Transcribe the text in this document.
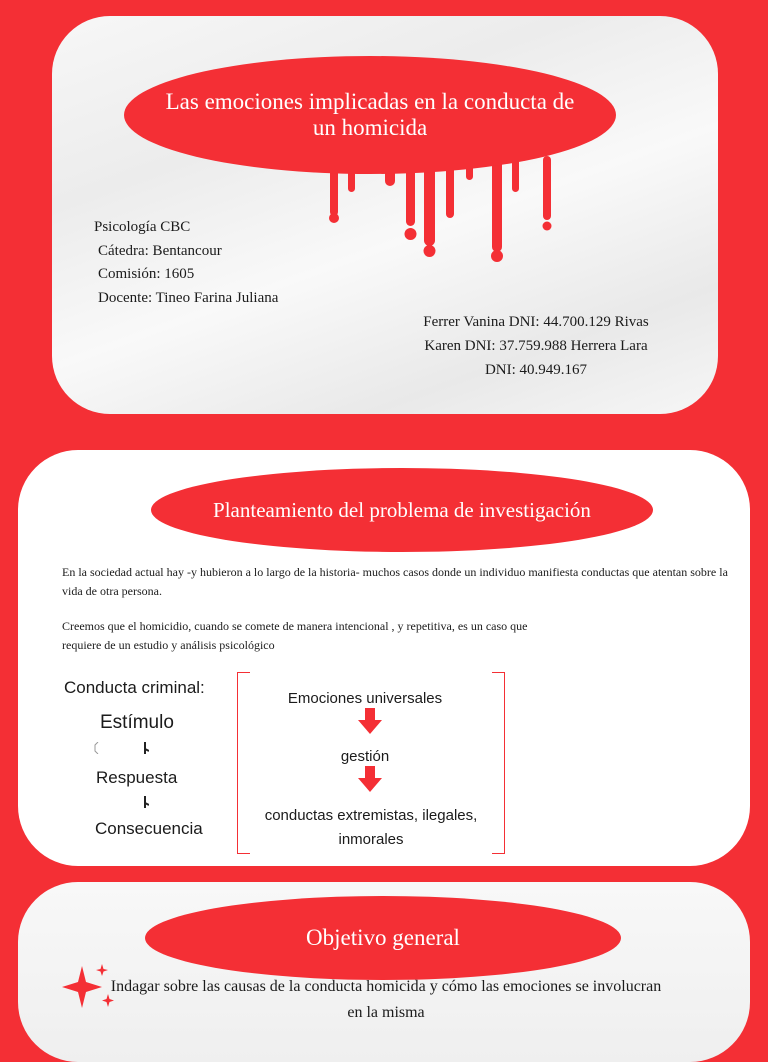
Las emociones implicadas en la conducta de un homicida
Psicología CBC
Cátedra: Bentancour
Comisión: 1605
Docente: Tineo Farina Juliana
Ferrer Vanina DNI: 44.700.129 Rivas
Karen DNI: 37.759.988 Herrera Lara
DNI: 40.949.167
Planteamiento del problema de investigación
En la sociedad actual hay -y hubieron a lo largo de la historia- muchos casos donde un individuo manifiesta conductas que atentan sobre la vida de otra persona.
Creemos que el homicidio, cuando se comete de manera intencional , y repetitiva, es un caso que
requiere de un estudio y análisis psicológico
Conducta criminal:
Estímulo
Respuesta
Consecuencia
Emociones universales
gestión
conductas extremistas, ilegales, inmorales
Objetivo general
Indagar sobre las causas de la conducta homicida y cómo las emociones se involucran en la misma
